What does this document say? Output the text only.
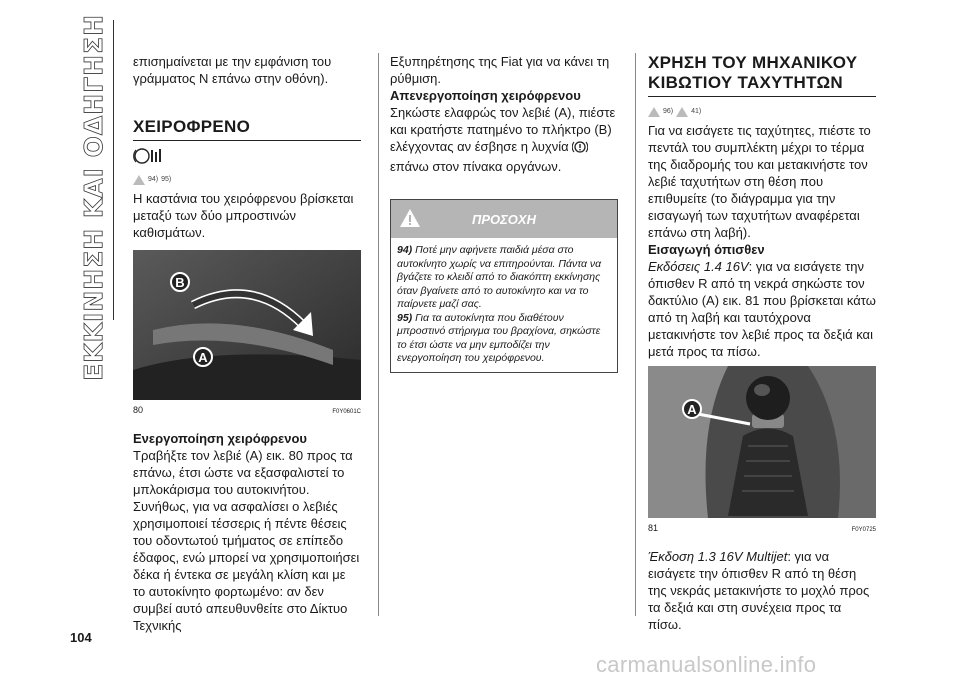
ΕΚΚΙΝΗΣΗ ΚΑΙ ΟΔΗΓΗΣΗ επισημαίνεται με την εμφάνιση του γράμματος N επάνω στην οθόνη).

ΧΕΙΡΟΦΡΕΝΟ
94) 95)

Η καστάνια του χειρόφρενου βρίσκεται μεταξύ των δύο μπροστινών καθισμάτων.

B
A
80	F0Y0601C

Ενεργοποίηση χειρόφρενου

Τραβήξτε τον λεβιέ (A) εικ. 80 προς τα επάνω, έτσι ώστε να εξασφαλιστεί το μπλοκάρισμα του αυτοκινήτου. Συνήθως, για να ασφαλίσει ο λεβιές χρησιμοποιεί τέσσερις ή πέντε θέσεις του οδοντωτού τμήματος σε επίπεδο έδαφος, ενώ μπορεί να χρησιμοποιήσει δέκα ή έντεκα σε μεγάλη κλίση και με το αυτοκίνητο φορτωμένο: αν δεν συμβεί αυτό απευθυνθείτε στο Δίκτυο Τεχνικής

Εξυπηρέτησης της Fiat για να κάνει τη ρύθμιση.

Απενεργοποίηση χειρόφρενου

Σηκώστε ελαφρώς τον λεβιέ (A), πιέστε και κρατήστε πατημένο το πλήκτρο (B) ελέγχοντας αν έσβησε η λυχνία  επάνω στον πίνακα οργάνων.

ΠΡΟΣΟΧΗ

94) Ποτέ μην αφήνετε παιδιά μέσα στο αυτοκίνητο χωρίς να επιτηρούνται. Πάντα να βγάζετε το κλειδί από το διακόπτη εκκίνησης όταν βγαίνετε από το αυτοκίνητο και να το παίρνετε μαζί σας.

95) Για τα αυτοκίνητα που διαθέτουν μπροστινό στήριγμα του βραχίονα, σηκώστε το έτσι ώστε να μην εμποδίζει την ενεργοποίηση του χειρόφρενου.

ΧΡΗΣΗ ΤΟΥ ΜΗΧΑΝΙΚΟΥ ΚΙΒΩΤΙΟΥ ΤΑΧΥΤΗΤΩΝ
96)	41)

Για να εισάγετε τις ταχύτητες, πιέστε το πεντάλ του συμπλέκτη μέχρι το τέρμα της διαδρομής του και μετακινήστε τον λεβιέ ταχυτήτων στη θέση που επιθυμείτε (το διάγραμμα για την εισαγωγή των ταχυτήτων αναφέρεται επάνω στη λαβή).

Εισαγωγή όπισθεν

Εκδόσεις 1.4 16V: για να εισάγετε την όπισθεν R από τη νεκρά σηκώστε τον δακτύλιο (A) εικ. 81 που βρίσκεται κάτω από τη λαβή και ταυτόχρονα μετακινήστε τον λεβιέ προς τα δεξιά και μετά προς τα πίσω.

A
81	F0Y0725

Έκδοση 1.3 16V Multijet: για να εισάγετε την όπισθεν R από τη θέση της νεκράς μετακινήστε το μοχλό προς τα δεξιά και στη συνέχεια προς τα πίσω.

104
carmanualsonline.info
